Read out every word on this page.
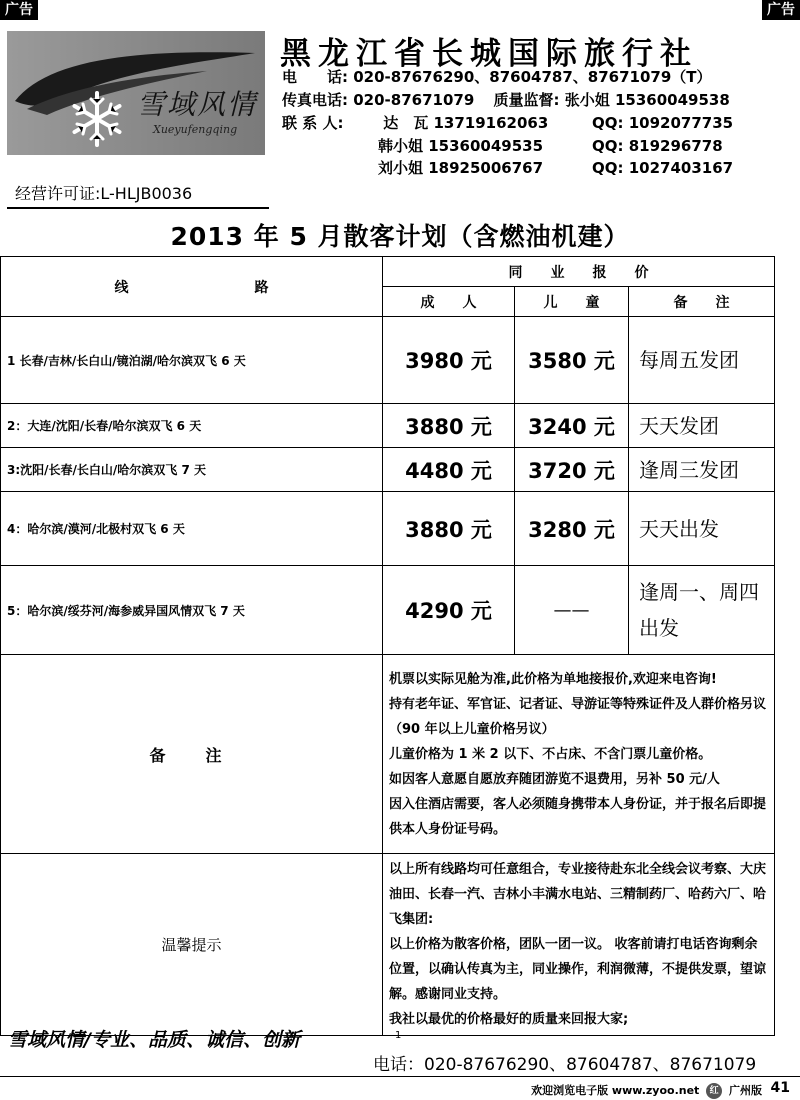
广告	广告
雪域风情
Xueyufengqing
经营许可证:L-HLJB0036
黑龙江省长城国际旅行社
电　　话: 020-87676290、87604787、87671079（T）
传真电话: 020-87671079 质量监督: 张小姐 15360049538
联 系 人:	达　瓦 13719162063	QQ: 1092077735
韩小姐 15360049535	QQ: 819296778
刘小姐 18925006767	QQ: 1027403167
2013 年 5 月散客计划（含燃油机建）
线　　　　　　　　　路	同　　业　　报　　价		
	成　　人	儿　　童	备　　注
1 长春/吉林/长白山/镜泊湖/哈尔滨双飞 6 天	3980 元	3580 元	每周五发团
2：大连/沈阳/长春/哈尔滨双飞 6 天	3880 元	3240 元	天天发团
3:沈阳/长春/长白山/哈尔滨双飞 7 天	4480 元	3720 元	逢周三发团
4：哈尔滨/漠河/北极村双飞 6 天	3880 元	3280 元	天天出发
5：哈尔滨/绥芬河/海参威异国风情双飞 7 天	4290 元	——	逢周一、周四出发
备　注	机票以实际见舱为准,此价格为单地接报价,欢迎来电咨询!
持有老年证、军官证、记者证、导游证等特殊证件及人群价格另议（90 年以上儿童价格另议）
儿童价格为 1 米 2 以下、不占床、不含门票儿童价格。
如因客人意愿自愿放弃随团游览不退费用，另补 50 元/人
因入住酒店需要，客人必须随身携带本人身份证，并于报名后即提供本人身份证号码。		

温馨提示	以上所有线路均可任意组合，专业接待赴东北全线会议考察、大庆油田、长春一汽、吉林小丰满水电站、三精制药厂、哈药六厂、哈飞集团:
以上价格为散客价格，团队一团一议。 收客前请打电话咨询剩余位置，以确认传真为主，同业操作，利润微薄，不提供发票，望谅解。感谢同业支持。
我社以最优的价格最好的质量来回报大家;		
雪域风情/专业、品质、诚信、创新	1
电话：020-87676290、87604787、87671079
欢迎浏览电子版 www.zyoo.net 红 广州版 41
